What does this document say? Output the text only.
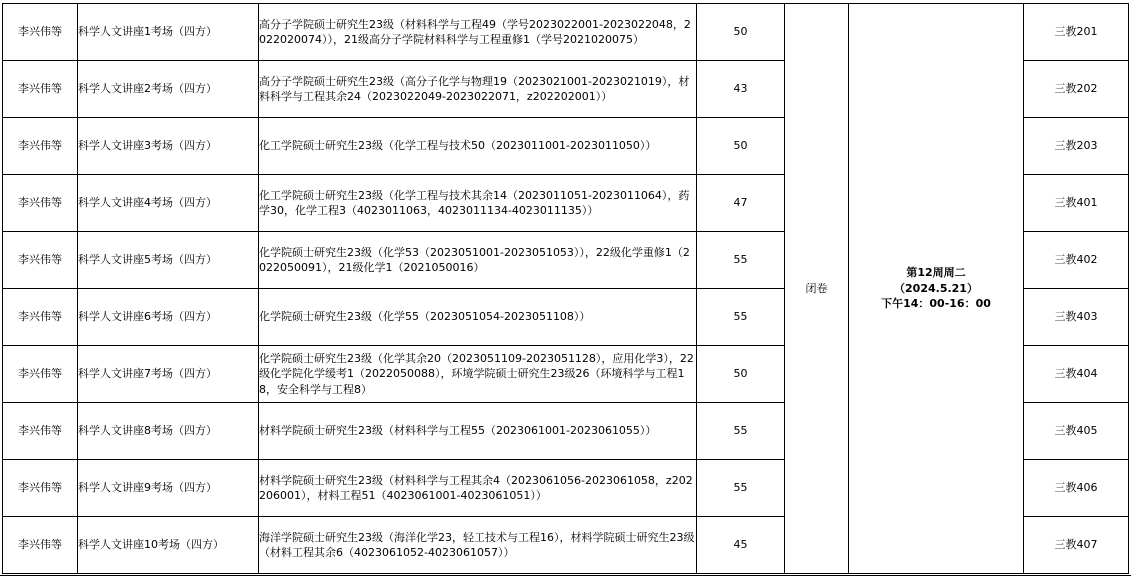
李兴伟等	科学人文讲座1考场（四方）	高分子学院硕士研究生23级（材料科学与工程49（学号2023022001-2023022048，2022020074）），21级高分子学院材料科学与工程重修1（学号2021020075）	50	闭卷	第12周周二
（2024.5.21）
下午14：00-16：00	三教201
李兴伟等	科学人文讲座2考场（四方）	高分子学院硕士研究生23级（高分子化学与物理19（2023021001-2023021019），材料科学与工程其余24（2023022049-2023022071，z202202001））	43			三教202
李兴伟等	科学人文讲座3考场（四方）	化工学院硕士研究生23级（化学工程与技术50（2023011001-2023011050））	50			三教203
李兴伟等	科学人文讲座4考场（四方）	化工学院硕士研究生23级（化学工程与技术其余14（2023011051-2023011064），药学30，化学工程3（4023011063，4023011134-4023011135））	47			三教401
李兴伟等	科学人文讲座5考场（四方）	化学院硕士研究生23级（化学53（2023051001-2023051053）），22级化学重修1（2022050091），21级化学1（2021050016）	55			三教402
李兴伟等	科学人文讲座6考场（四方）	化学院硕士研究生23级（化学55（2023051054-2023051108））	55			三教403
李兴伟等	科学人文讲座7考场（四方）	化学院硕士研究生23级（化学其余20（2023051109-2023051128），应用化学3），22级化学院化学缓考1（2022050088），环境学院硕士研究生23级26（环境科学与工程18，安全科学与工程8）	50			三教404
李兴伟等	科学人文讲座8考场（四方）	材料学院硕士研究生23级（材料科学与工程55（2023061001-2023061055））	55			三教405
李兴伟等	科学人文讲座9考场（四方）	材料学院硕士研究生23级（材料科学与工程其余4（2023061056-2023061058，z202206001），材料工程51（4023061001-4023061051））	55			三教406
李兴伟等	科学人文讲座10考场（四方）	海洋学院硕士研究生23级（海洋化学23，轻工技术与工程16），材料学院硕士研究生23级（材料工程其余6（4023061052-4023061057））	45			三教407
